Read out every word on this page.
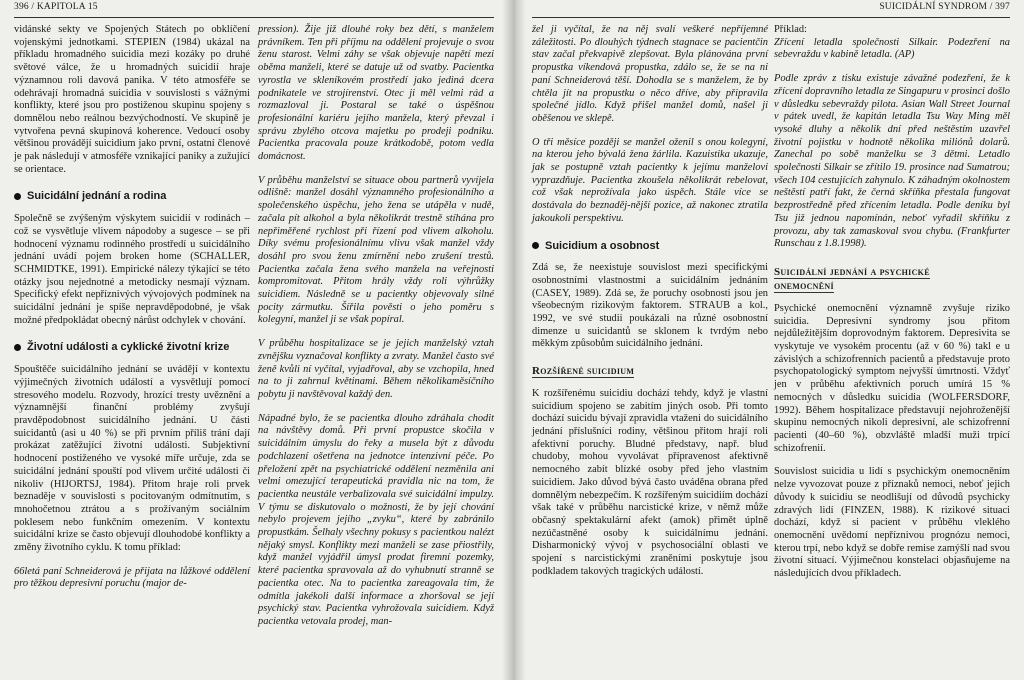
396 / KAPITOLA 15	SUICIDÁLNÍ SYNDROM / 397

vidánské sekty ve Spojených Státech po obklíčení vojenskými jednotkami. STEPIEN (1984) ukázal na příkladu hromadného suicidia mezi kozáky po druhé světové válce, že u hromadných suicidií hraje významnou roli davová panika. V této atmosféře se odehrávají hromadná suicidia v souvislosti s vážnými konflikty, které jsou pro postiženou skupinu spojeny s domnělou nebo reálnou bezvýchodností. Ve skupině je vytvořena pevná skupinová koherence. Vedoucí osoby většinou provádějí suicidium jako první, ostatní členové je pak následují v atmosféře vznikající paniky a zužující se orientace.

Suicidální jednání a rodina

Společně se zvýšeným výskytem suicidií v rodinách – což se vysvětluje vlivem nápodoby a sugesce – se při hodnocení významu rodinného prostředí u suicidálního jednání uvádí pojem broken home (SCHALLER, SCHMIDTKE, 1991). Empirické nálezy týkající se této otázky jsou nejednotné a metodicky nesmají význam. Specifický efekt nepříznivých vývojových podmínek na suicidální jednání je spíše nepravděpodobné, je však možné předpokládat obecný nárůst odchylek v chování.

Životní události a cyklické životní krize

Spouštěče suicidálního jednání se uvádějí v kontextu výjimečných životních událostí a vysvětlují pomocí stresového modelu. Rozvody, hrozící tresty uvěznění a významnější finanční problémy zvyšují pravděpodobnost suicidálního jednání. U části suicidantů (asi u 40 %) se při prvním příliš trání dají prokázat zatěžující životní události. Subjektivní hodnocení postiženého ve vysoké míře určuje, zda se suicidální jednání spouští pod vlivem určité události či nikoliv (HIJORTSJ, 1984). Přitom hraje roli prvek beznaděje v souvislosti s pocitovaným odmítnutím, s mnohočetnou ztrátou a s prožívaným sociálním poklesem nebo funkčním omezením. V kontextu suicidální krize se často objevují dlouhodobé konflikty a změny životního cyklu. K tomu příklad:

66letá paní Schneiderová je přijata na lůžkové oddělení pro těžkou depresivní poruchu (major de-

pression). Žije již dlouhé roky bez dětí, s manželem právníkem. Ten při příjmu na oddělení projevuje o svou ženu starost. Velmi záhy se však objevuje napětí mezi oběma manželi, které se datuje už od svatby. Pacientka vyrostla ve skleníkovém prostředí jako jediná dcera podnikatele ve strojírenství. Otec ji měl velmi rád a rozmazloval ji. Postaral se také o úspěšnou profesionální kariéru jejího manžela, který převzal i správu zbylého otcova majetku po prodeji podniku. Pacientka pracovala pouze krátkodobě, potom vedla domácnost.

V průběhu manželství se situace obou partnerů vyvíjela odlišně: manžel dosáhl významného profesionálního a společenského úspěchu, jeho žena se utápěla v nudě, začala pít alkohol a byla několikrát trestně stíhána pro nepřiměřené rychlost při řízení pod vlivem alkoholu. Díky svému profesionálnímu vlivu však manžel vždy dosáhl pro svou ženu zmírnění nebo zrušení trestů. Pacientka začala žena svého manžela na veřejnosti kompromitovat. Přitom hrály vždy roli výhrůžky suicidiem. Následně se u pacientky objevovaly silné pocity zármutku. Šířila pověsti o jeho poměru s kolegyní, manžel ji se však popíral.

V průběhu hospitalizace se je jejich manželský vztah zvnějšku vyznačoval konflikty a zvraty. Manžel často své ženě kvůli ní vyčítal, vyjadřoval, aby se vzchopila, hned na to ji zahrnul květinami. Během několikaměsíčního pobytu ji navštěvoval každý den.

Nápadné bylo, že se pacientka dlouho zdráhala chodit na návštěvy domů. Při první propustce skočila v suicidálním úmyslu do řeky a musela být z důvodu podchlazení ošetřena na jednotce intenzivní péče. Po přeložení zpět na psychiatrické oddělení nezměnila ani velmi omezující terapeutická pravidla nic na tom, že pacientka neustále verbalizovala své suicidální impulzy. V týmu se diskutovalo o možnosti, že by její chování nebylo projevem jejího „zvyku“, které by zabránilo propustkám. Šelhaly všechny pokusy s pacientkou nalézt nějaký smysl. Konflikty mezi manželi se zase přiostřily, když manžel vyjádřil úmysl prodat firemní pozemky, které pacientka spravovala až do vyhubnutí stranně se pacientka otec. Na to pacientka zareagovala tím, že odmítla jakékoli další informace a zhoršoval se její psychický stav. Pacientka vyhrožovala suicidiem. Když pacientka vetovala prodej, man-

žel ji vyčítal, že na něj svalí veškeré nepříjemné záležitosti. Po dlouhých týdnech stagnace se pacientčin stav začal překvapivě zlepšovat. Byla plánována první propustka víkendová propustka, zdálo se, že se na ni paní Schneiderová těší. Dohodla se s manželem, že by chtěla jít na propustku o něco dříve, aby připravila společné jídlo. Když přišel manžel domů, našel ji oběšenou ve sklepě.

O tři měsíce později se manžel oženil s onou kolegyní, na kterou jeho bývalá žena žárlila. Kazuistika ukazuje, jak se postupně vztah pacientky k jejímu manželovi vyprazdňuje. Pacientka zkoušela několikrát rebelovat, což však neprožívala jako úspěch. Stále více se dostávala do beznaděj-nější pozice, až nakonec ztratila jakoukoli perspektivu.

Suicidium a osobnost

Zdá se, že neexistuje souvislost mezi specifickými osobnostními vlastnostmi a suicidálním jednáním (CASEY, 1989). Zdá se, že poruchy osobnosti jsou jen všeobecným rizikovým faktorem. STRAUB a kol., 1992, ve své studii poukázali na různé osobnostní dimenze u suicidantů se sklonem k tvrdým nebo měkkým způsobům suicidálního jednání.

Rozšířené suicidium

K rozšířenému suicidiu dochází tehdy, když je vlastní suicidium spojeno se zabitím jiných osob. Při tomto dochází suicidu bývají zpravidla vtaženi do suicidálního jednání příslušníci rodiny, většinou přitom hrají roli afektivní poruchy. Bludné představy, např. blud chudoby, mohou vyvolávat přípravenost afektivně nemocného zabít blízké osoby před jeho vlastním suicidiem. Jako důvod bývá často uváděna obrana před domnělým nebezpečím. K rozšířeným suicidiím dochází však také v průběhu narcistické krize, v němž může občasný spektakulární afekt (amok) přimět úplně nezúčastněné osoby k suicidálnímu jednání. Disharmonický vývoj v psychosociální oblasti ve spojení s narcistickými zraněními poskytuje jsou podkladem takových tragických událostí.

Příklad:

Zřícení letadla společnosti Silkair. Podezření na sebevraždu v kabině letadla. (AP)

Podle zpráv z tisku existuje závažné podezření, že k zřícení dopravního letadla ze Singapuru v prosinci došlo v důsledku sebevraždy pilota. Asian Wall Street Journal v pátek uvedl, že kapitán letadla Tsu Way Ming měl vysoké dluhy a několik dní před neštěstím uzavřel životní pojistku v hodnotě několika miliónů dolarů. Zanechal po sobě manželku se 3 dětmi. Letadlo společnosti Silkair se zřítilo 19. prosince nad Sumatrou; všech 104 cestujících zahynulo. K záhadným okolnostem neštěstí patří fakt, že černá skříňka přestala fungovat bezprostředně před zřícením letadla. Podle deníku byl Tsu již jednou napomínán, neboť vyřadil skříňku z provozu, aby tak zamaskoval svou chybu. (Frankfurter Runschau z 1.8.1998).

Suicidální jednání a psychické
onemocnění

Psychické onemocnění významně zvyšuje riziko suicidia. Depresivní syndromy jsou přitom nejdůležitějším doprovodným faktorem. Depresivita se vyskytuje ve vysokém procentu (až v 60 %) takl e u závislých a schizofrenních pacientů a představuje proto psychopatologický symptom nejvyšší úmrtnosti. Vždyť jen v průběhu afektivních poruch umírá 15 % nemocných v důsledku suicidia (WOLFERSDORF, 1992). Během hospitalizace představují nejohroženější skupinu nemocných nikoli depresivní, ale schizofrenní pacienti (40–60 %), obzvláště mladší muži trpící schizofrenií.

Souvislost suicidia u lidí s psychickým onemocněním nelze vyvozovat pouze z příznaků nemoci, neboť jejich důvody k suicidiu se neodlišují od důvodů psychicky zdravých lidí (FINZEN, 1988). K rizikové situaci dochází, když si pacient v průběhu vleklého onemocnění uvědomí nepříznivou prognózu nemoci, kterou trpí, nebo když se dobře remise zamýšlí nad svou životní situací. Výjimečnou konstelaci objasňujeme na následujících dvou příkladech.
